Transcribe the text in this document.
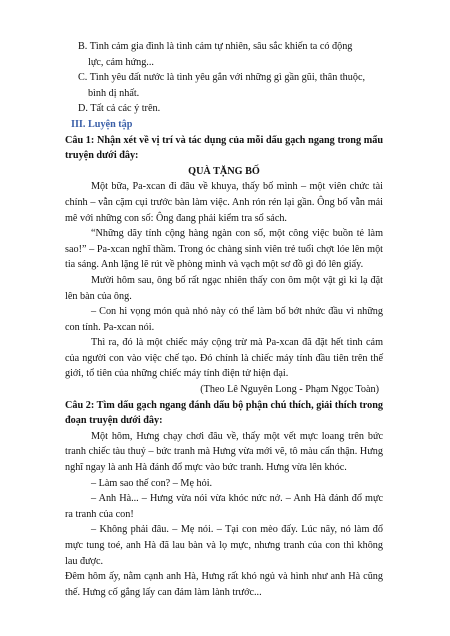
B. Tình cảm gia đình là tình cảm tự nhiên, sâu sắc khiến ta có động
lực, cảm hứng...

C. Tình yêu đất nước là tình yêu gắn với những gì gần gũi, thân thuộc,
bình dị nhất.

D. Tất cả các ý trên.

III. Luyện tập

Câu 1: Nhận xét về vị trí và tác dụng của mỗi dấu gạch ngang trong mẩu truyện dưới đây:

QUÀ TẶNG BỐ

Một bữa, Pa-xcan đi đâu về khuya, thấy bố mình – một viên chức tài chính – vẫn cặm cụi trước bàn làm việc. Anh rón rén lại gần. Ông bố vẫn mải mê với những con số: Ông đang phải kiểm tra sổ sách.

“Những dãy tính cộng hàng ngàn con số, một công việc buồn tẻ làm sao!” – Pa-xcan nghĩ thầm. Trong óc chàng sinh viên trẻ tuổi chợt lóe lên một tia sáng. Anh lặng lẽ rút về phòng mình và vạch một sơ đồ gì đó lên giấy.

Mười hôm sau, ông bố rất ngạc nhiên thấy con ôm một vật gì kì lạ đặt lên bàn của ông.

– Con hi vọng món quà nhỏ này có thể làm bố bớt nhức đầu vì những con tính. Pa-xcan nói.

Thì ra, đó là một chiếc máy cộng trừ mà Pa-xcan đã đặt hết tình cảm của người con vào việc chế tạo. Đó chính là chiếc máy tính đầu tiên trên thế giới, tổ tiên của những chiếc máy tính điện tử hiện đại.

(Theo Lê Nguyên Long - Phạm Ngọc Toàn)

Câu 2: Tìm dấu gạch ngang đánh dấu bộ phận chú thích, giải thích trong đoạn truyện dưới đây:

Một hôm, Hưng chạy chơi đâu về, thấy một vết mực loang trên bức tranh chiếc tàu thuỷ – bức tranh mà Hưng vừa mới vẽ, tô màu cẩn thận. Hưng nghĩ ngay là anh Hà đánh đổ mực vào bức tranh. Hưng vừa lên khóc.

– Làm sao thế con? – Mẹ hỏi.

– Anh Hà... – Hưng vừa nói vừa khóc nức nở. – Anh Hà đánh đổ mực ra tranh của con!

– Không phải đâu. – Mẹ nói. – Tại con mèo đấy. Lúc nãy, nó làm đổ mực tung toé, anh Hà đã lau bàn và lọ mực, nhưng tranh của con thì không lau được.

Đêm hôm ấy, nằm cạnh anh Hà, Hưng rất khó ngủ và hình như anh Hà cũng thế. Hưng cố gắng lấy can đảm làm lành trước...
